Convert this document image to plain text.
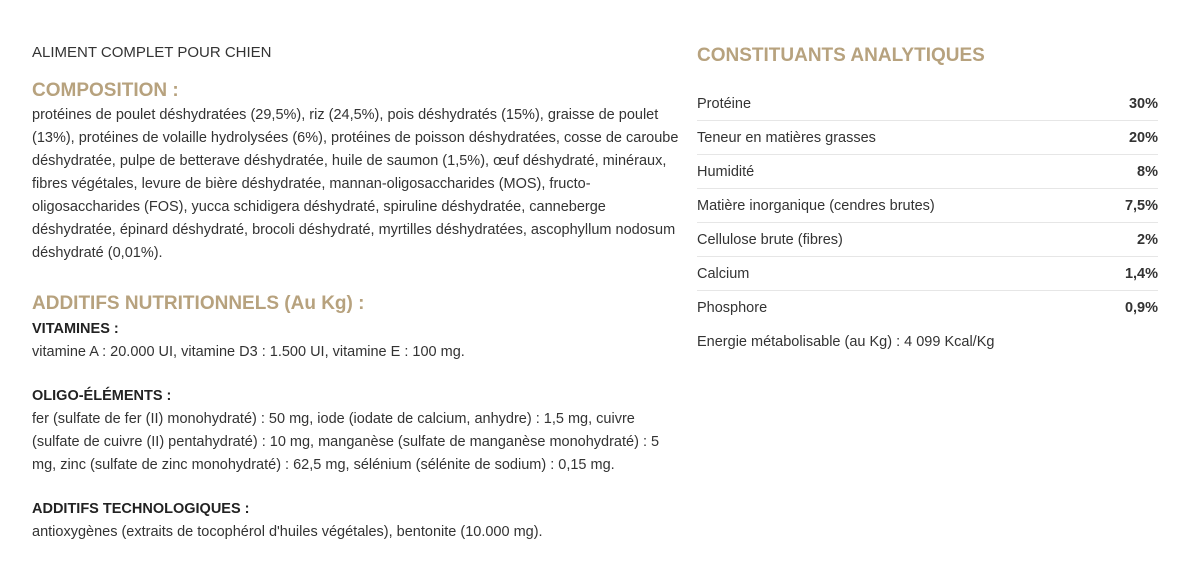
ALIMENT COMPLET POUR CHIEN

COMPOSITION :

protéines de poulet déshydratées (29,5%), riz (24,5%), pois déshydratés (15%), graisse de poulet (13%), protéines de volaille hydrolysées (6%), protéines de poisson déshydratées, cosse de caroube déshydratée, pulpe de betterave déshydratée, huile de saumon (1,5%), œuf déshydraté, minéraux, fibres végétales, levure de bière déshydratée, mannan-oligosaccharides (MOS), fructo-oligosaccharides (FOS), yucca schidigera déshydraté, spiruline déshydratée, canneberge déshydratée, épinard déshydraté, brocoli déshydraté, myrtilles déshydratées, ascophyllum nodosum déshydraté (0,01%).

ADDITIFS NUTRITIONNELS (Au Kg) :

VITAMINES :

vitamine A : 20.000 UI, vitamine D3 : 1.500 UI, vitamine E : 100 mg.

OLIGO-ÉLÉMENTS :

fer (sulfate de fer (II) monohydraté) : 50 mg, iode (iodate de calcium, anhydre) : 1,5 mg, cuivre (sulfate de cuivre (II) pentahydraté) : 10 mg, manganèse (sulfate de manganèse monohydraté) : 5 mg, zinc (sulfate de zinc monohydraté) : 62,5 mg, sélénium (sélénite de sodium) : 0,15 mg.

ADDITIFS TECHNOLOGIQUES :

antioxygènes (extraits de tocophérol d'huiles végétales), bentonite (10.000 mg).

CONSTITUANTS ANALYTIQUES
Protéine	30%
Teneur en matières grasses	20%
Humidité	8%
Matière inorganique (cendres brutes)	7,5%
Cellulose brute (fibres)	2%
Calcium	1,4%
Phosphore	0,9%

Energie métabolisable (au Kg) : 4 099 Kcal/Kg
